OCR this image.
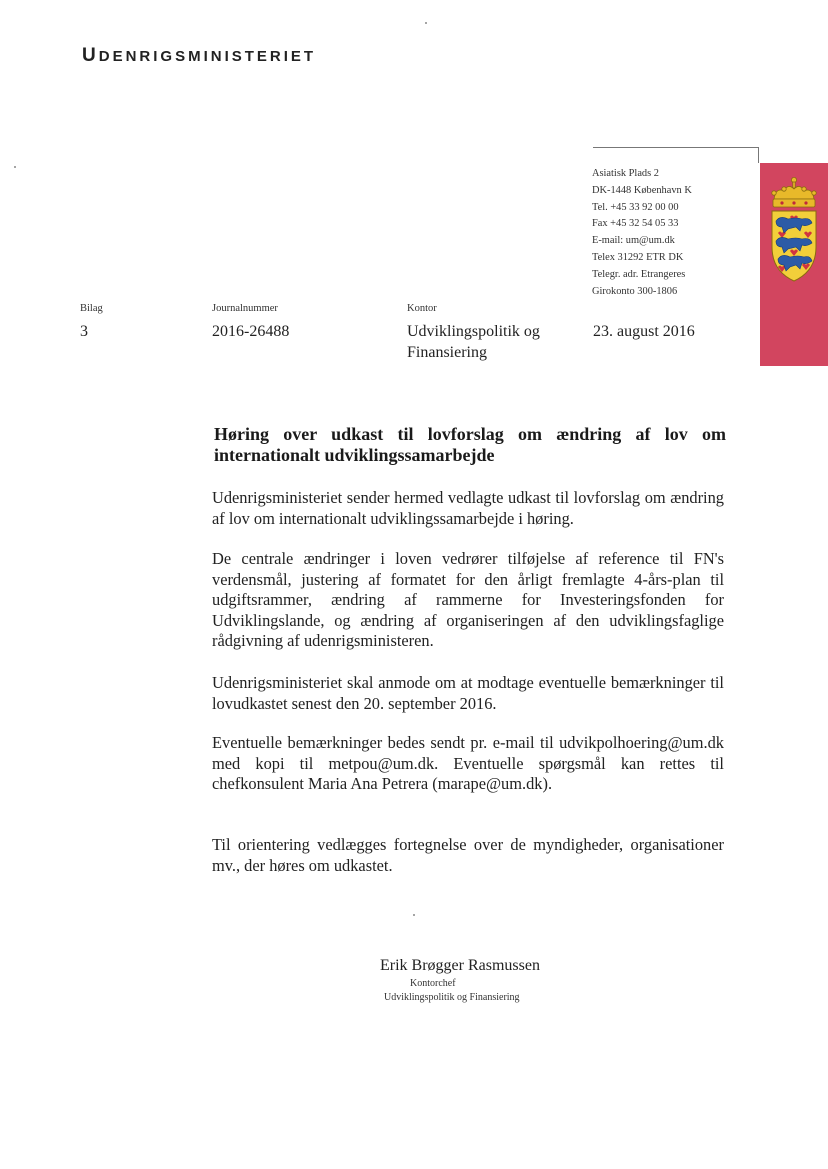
UDENRIGSMINISTERIET
Asiatisk Plads 2
DK-1448 København K
Tel. +45 33 92 00 00
Fax +45 32 54 05 33
E-mail: um@um.dk
Telex 31292 ETR DK
Telegr. adr. Etrangeres
Girokonto 300-1806
Bilag
3
Journalnummer
2016-26488
Kontor
Udviklingspolitik og
Finansiering
23. august 2016
Høring over udkast til lovforslag om ændring af lov om internationalt udviklingssamarbejde
Udenrigsministeriet sender hermed vedlagte udkast til lovforslag om ændring af lov om internationalt udviklingssamarbejde i høring.
De centrale ændringer i loven vedrører tilføjelse af reference til FN's verdensmål, justering af formatet for den årligt fremlagte 4-års-plan til udgiftsrammer, ændring af rammerne for Investeringsfonden for Udviklingslande, og ændring af organiseringen af den udviklingsfaglige rådgivning af udenrigsministeren.
Udenrigsministeriet skal anmode om at modtage eventuelle bemærkninger til lovudkastet senest den 20. september 2016.
Eventuelle bemærkninger bedes sendt pr. e-mail til udvikpolhoering@um.dk med kopi til metpou@um.dk. Eventuelle spørgsmål kan rettes til chefkonsulent Maria Ana Petrera (marape@um.dk).
Til orientering vedlægges fortegnelse over de myndigheder, organisationer mv., der høres om udkastet.
Erik Brøgger Rasmussen
Kontorchef
Udviklingspolitik og Finansiering
